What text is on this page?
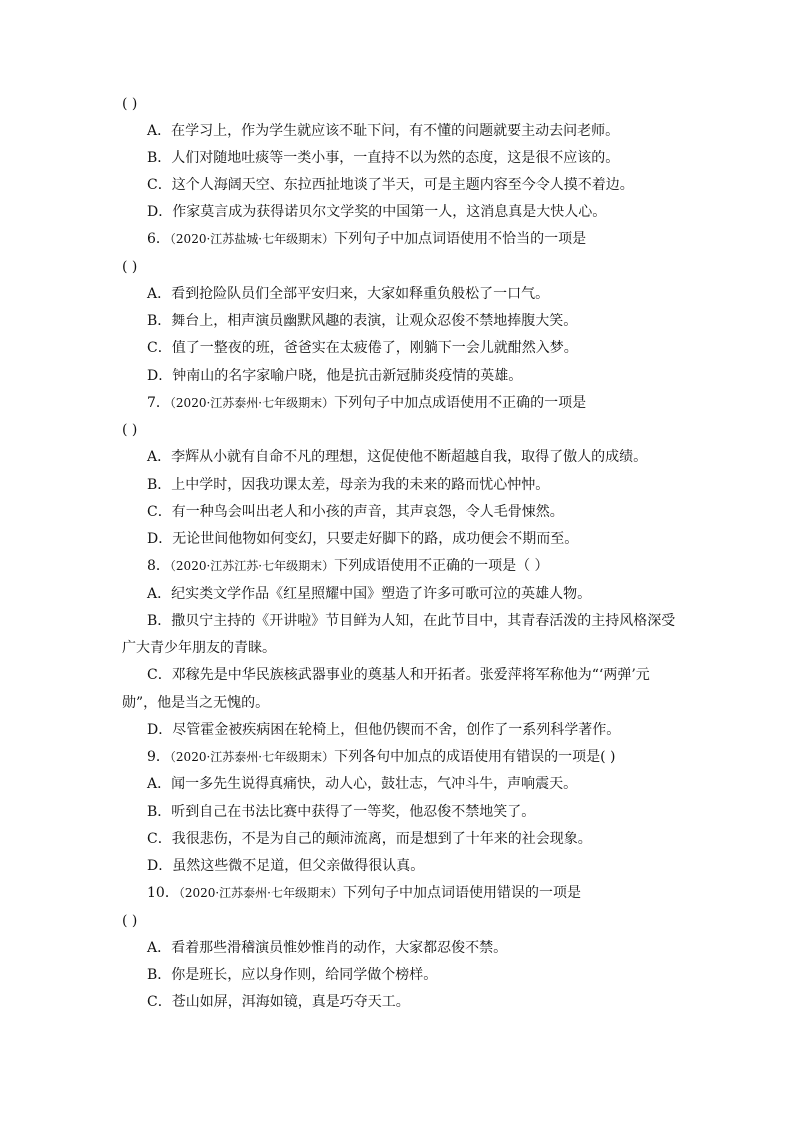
( )
A．在学习上，作为学生就应该不耻下问，有不懂的问题就要主动去问老师。
B．人们对随地吐痰等一类小事，一直持不以为然的态度，这是很不应该的。
C．这个人海阔天空、东拉西扯地谈了半天，可是主题内容至今令人摸不着边。
D．作家莫言成为获得诺贝尔文学奖的中国第一人，这消息真是大快人心。
6．（2020·江苏盐城·七年级期末）下列句子中加点词语使用不恰当的一项是
( )
A．看到抢险队员们全部平安归来，大家如释重负般松了一口气。
B．舞台上，相声演员幽默风趣的表演，让观众忍俊不禁地捧腹大笑。
C．值了一整夜的班，爸爸实在太疲倦了，刚躺下一会儿就酣然入梦。
D．钟南山的名字家喻户晓，他是抗击新冠肺炎疫情的英雄。
7．（2020·江苏泰州·七年级期末）下列句子中加点成语使用不正确的一项是
( )
A．李辉从小就有自命不凡的理想，这促使他不断超越自我，取得了傲人的成绩。
B．上中学时，因我功课太差，母亲为我的未来的路而忧心忡忡。
C．有一种鸟会叫出老人和小孩的声音，其声哀怨，令人毛骨悚然。
D．无论世间他物如何变幻，只要走好脚下的路，成功便会不期而至。
8．（2020·江苏江苏·七年级期末）下列成语使用不正确的一项是（ ）
A．纪实类文学作品《红星照耀中国》塑造了许多可歌可泣的英雄人物。
B．撒贝宁主持的《开讲啦》节目鲜为人知，在此节目中，其青春活泼的主持风格深受
广大青少年朋友的青睐。
C．邓稼先是中华民族核武器事业的奠基人和开拓者。张爱萍将军称他为“‘两弹’元
勋”，他是当之无愧的。
D．尽管霍金被疾病困在轮椅上，但他仍锲而不舍，创作了一系列科学著作。
9．（2020·江苏泰州·七年级期末）下列各句中加点的成语使用有错误的一项是( )
A．闻一多先生说得真痛快，动人心，鼓壮志，气冲斗牛，声响震天。
B．听到自己在书法比赛中获得了一等奖，他忍俊不禁地笑了。
C．我很悲伤，不是为自己的颠沛流离，而是想到了十年来的社会现象。
D．虽然这些微不足道，但父亲做得很认真。
10．（2020·江苏泰州·七年级期末）下列句子中加点词语使用错误的一项是
( )
A．看着那些滑稽演员惟妙惟肖的动作，大家都忍俊不禁。
B．你是班长，应以身作则，给同学做个榜样。
C．苍山如屏，洱海如镜，真是巧夺天工。
